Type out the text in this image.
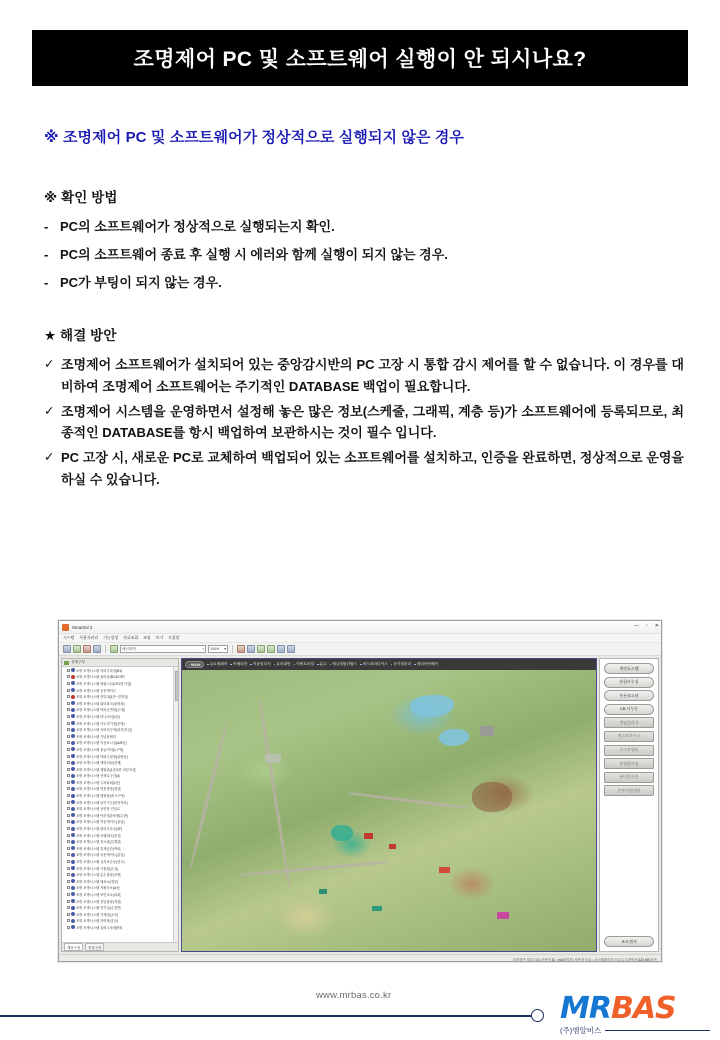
조명제어 PC 및 소프트웨어 실행이 안 되시나요?
※ 조명제어 PC 및 소프트웨어가 정상적으로 실행되지 않은 경우
※ 확인 방법
- PC의 소프트웨어가 정상적으로 실행되는지 확인.
- PC의 소프트웨어 종료 후 실행 시 에러와 함께 실행이 되지 않는 경우.
- PC가 부팅이 되지 않는 경우.
★ 해결 방안
✓ 조명제어 소프트웨어가 설치되어 있는 중앙감시반의 PC 고장 시 통합 감시 제어를 할 수 없습니다. 이 경우를 대비하여 조명제어 소프트웨어는 주기적인 DATABASE 백업이 필요합니다.
✓ 조명제어 시스템을 운영하면서 설정해 놓은 많은 정보(스케줄, 그래픽, 계층 등)가 소프트웨어에 등록되므로, 최종적인 DATABASE를 항시 백업하여 보관하시는 것이 필수 입니다.
✓ PC 고장 시, 새로운 PC로 교체하여 백업되어 있는 소프트웨어를 설치하고, 인증을 완료하면, 정상적으로 운영을 하실 수 있습니다.
Smartrol 3	— ▫ ✕
시스템 사용자관리 기능설정 자료조회 조명 보기 도움말
메인화면	▾ 100% ▾
전체구성
조명 조명시스템 지하주차장(B1)
조명 조명시스템 관리동(B1/1F/2F)
조명 조명시스템 복합시설(1F/2층가설)
조명 조명시스템 동문게이트
조명 조명시스템 전망대(1층~전망층)
조명 조명시스템 워터파크(광장외)
조명 조명시스템 야외공연장(무대)
조명 조명시스템 미니어처(1층)
조명 조명시스템 카트경기장(운영)
조명 조명시스템 사파리구역(외부/진입)
조명 조명시스템 기념품센터
조명 조명시스템 식음료시설(A/B동)
조명 조명시스템 물놀이터(1구역)
조명 조명시스템 야외수영장(관람동)
조명 조명시스템 캐릭터샵(전체)
조명 조명시스템 체험관(1층/2층 외부포함)
조명 조명시스템 산책로구간(A)
조명 조명시스템 주차타워(1층)
조명 조명시스템 연못광장(경관)
조명 조명시스템 캠핑장(데크구역)
조명 조명시스템 놀이기구(회전목마)
조명 조명시스템 공연장 진입로
조명 조명시스템 야간경관조명(수변)
조명 조명시스템 북문게이트(출입)
조명 조명시스템 관리사무동(3F)
조명 조명시스템 보행데크(중앙)
조명 조명시스템 전시관(특별관)
조명 조명시스템 휴게공간(야외)
조명 조명시스템 서문게이트(출입)
조명 조명시스템 유지보수동(창고)
조명 조명시스템 식물원(온실)
조명 조명시스템 분수광장(조명)
조명 조명시스템 매표소(정문)
조명 조명시스템 직원숙소(A동)
조명 조명시스템 보안초소(외곽)
조명 조명시스템 중앙광장(경관)
조명 조명시스템 전기실(수전반)
조명 조명시스템 기계실(공조)
조명 조명시스템 하역장(후문)
조명 조명시스템 옥외주차장(P2)
계층구성	목록구성
MAIN 글로벌페어 아메리칸 이솝빌리지 유러피안 이쿼토리얼 분수 애니멀원더월드 버드파라다이스 공기갤러리 캐리비안베이
캐빈호스텔
통합사무실
우든코스터
CB 사무동
게임플라자
게스트하우스
로스트밸리
통합탈의실
판다전시관
본부지원센터
조도센서
마지막은 블록 | 0.0 사용자 ID : ysl(관리자) 사용자 등급 : 시스템관리자 등급 C 드라이브 820 MB 남음
www.mrbas.co.kr	MRBAS
(주)엠알비스
